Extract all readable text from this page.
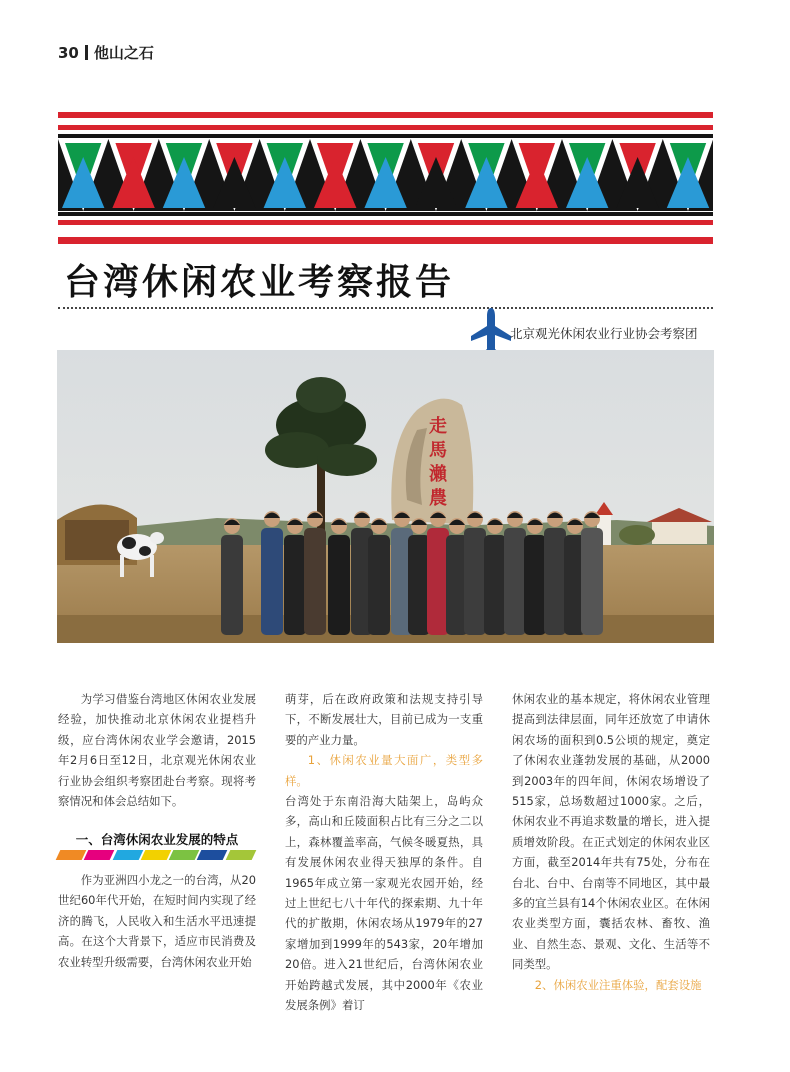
30 他山之石
台湾休闲农业考察报告
北京观光休闲农业行业协会考察团
走馬瀨農

为学习借鉴台湾地区休闲农业发展经验，加快推动北京休闲农业提档升级，应台湾休闲农业学会邀请，2015年2月6日至12日，北京观光休闲农业行业协会组织考察团赴台考察。现将考察情况和体会总结如下。

一、台湾休闲农业发展的特点

作为亚洲四小龙之一的台湾，从20世纪60年代开始，在短时间内实现了经济的腾飞，人民收入和生活水平迅速提高。在这个大背景下，适应市民消费及农业转型升级需要，台湾休闲农业开始

萌芽，后在政府政策和法规支持引导下，不断发展壮大，目前已成为一支重要的产业力量。

1、休闲农业量大面广，类型多样。

台湾处于东南沿海大陆架上，岛屿众多，高山和丘陵面积占比有三分之二以上，森林覆盖率高，气候冬暖夏热，具有发展休闲农业得天独厚的条件。自1965年成立第一家观光农园开始，经过上世纪七八十年代的探索期、九十年代的扩散期，休闲农场从1979年的27家增加到1999年的543家，20年增加20倍。进入21世纪后，台湾休闲农业开始跨越式发展，其中2000年《农业发展条例》着订

休闲农业的基本规定，将休闲农业管理提高到法律层面，同年还放宽了申请休闲农场的面积到0.5公顷的规定，奠定了休闲农业蓬勃发展的基础，从2000到2003年的四年间，休闲农场增设了515家，总场数超过1000家。之后，休闲农业不再追求数量的增长，进入提质增效阶段。在正式划定的休闲农业区方面，截至2014年共有75处，分布在台北、台中、台南等不同地区，其中最多的宜兰县有14个休闲农业区。在休闲农业类型方面，囊括农林、畜牧、渔业、自然生态、景观、文化、生活等不同类型。

2、休闲农业注重体验，配套设施
